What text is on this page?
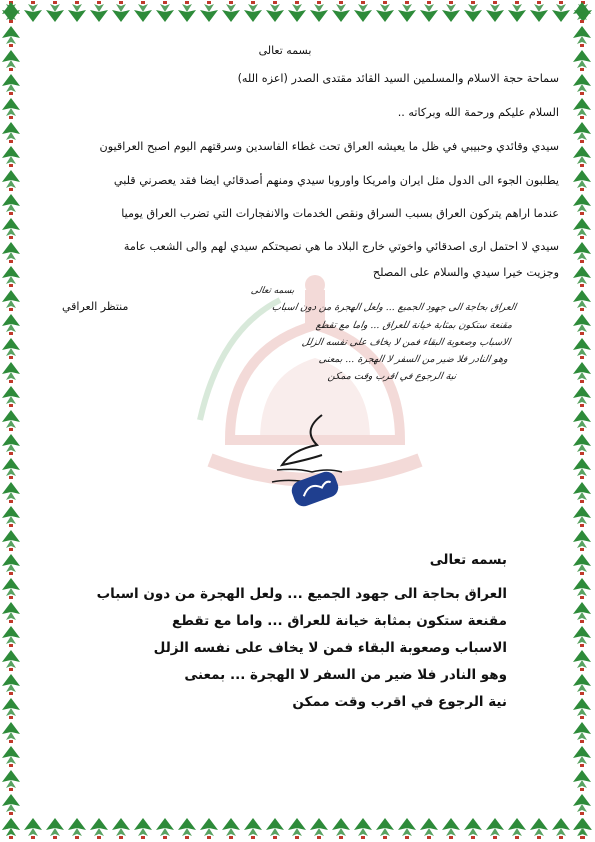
بسمه تعالى
سماحة حجة الاسلام والمسلمين السيد القائد مقتدى الصدر (اعزه الله)
السلام عليكم ورحمة الله وبركاته ..
سيدي وقائدي وحبيبي في ظل ما يعيشه العراق تحت غطاء الفاسدين وسرقتهم اليوم اصبح العراقيون
يطلبون الجوء الى الدول مثل ايران وامريكا واوروبا سيدي ومنهم أصدقائي ايضا فقد يعصرني قلبي
عندما اراهم يتركون العراق بسبب السراق ونقص الخدمات والانفجارات التي تضرب العراق يوميا
سيدي لا احتمل ارى اصدقائي واخوتي خارج البلاد ما هي نصيحتكم سيدي لهم والى الشعب عامة
وجزيت خيرا سيدي والسلام على المصلح
منتظر العراقي
بسمه تعالى
العراق بحاجة الى جهود الجميع ... ولعل الهجرة من دون اسباب
مقنعة ستكون بمثابة خيانة للعراق ... واما مع تقطع
الاسباب وصعوبة البقاء فمن لا يخاف على نفسه الزلل
وهو النادر فلا ضير من السفر لا الهجرة ... بمعنى
نية الرجوع في اقرب وقت ممكن
بسمه تعالى
العراق بحاجة الى جهود الجميع ... ولعل الهجرة من دون اسباب
مقنعة ستكون بمثابة خيانة للعراق ... واما مع تقطع
الاسباب وصعوبة البقاء فمن لا يخاف على نفسه الزلل
وهو النادر فلا ضير من السفر لا الهجرة ... بمعنى
نية الرجوع في اقرب وقت ممكن
